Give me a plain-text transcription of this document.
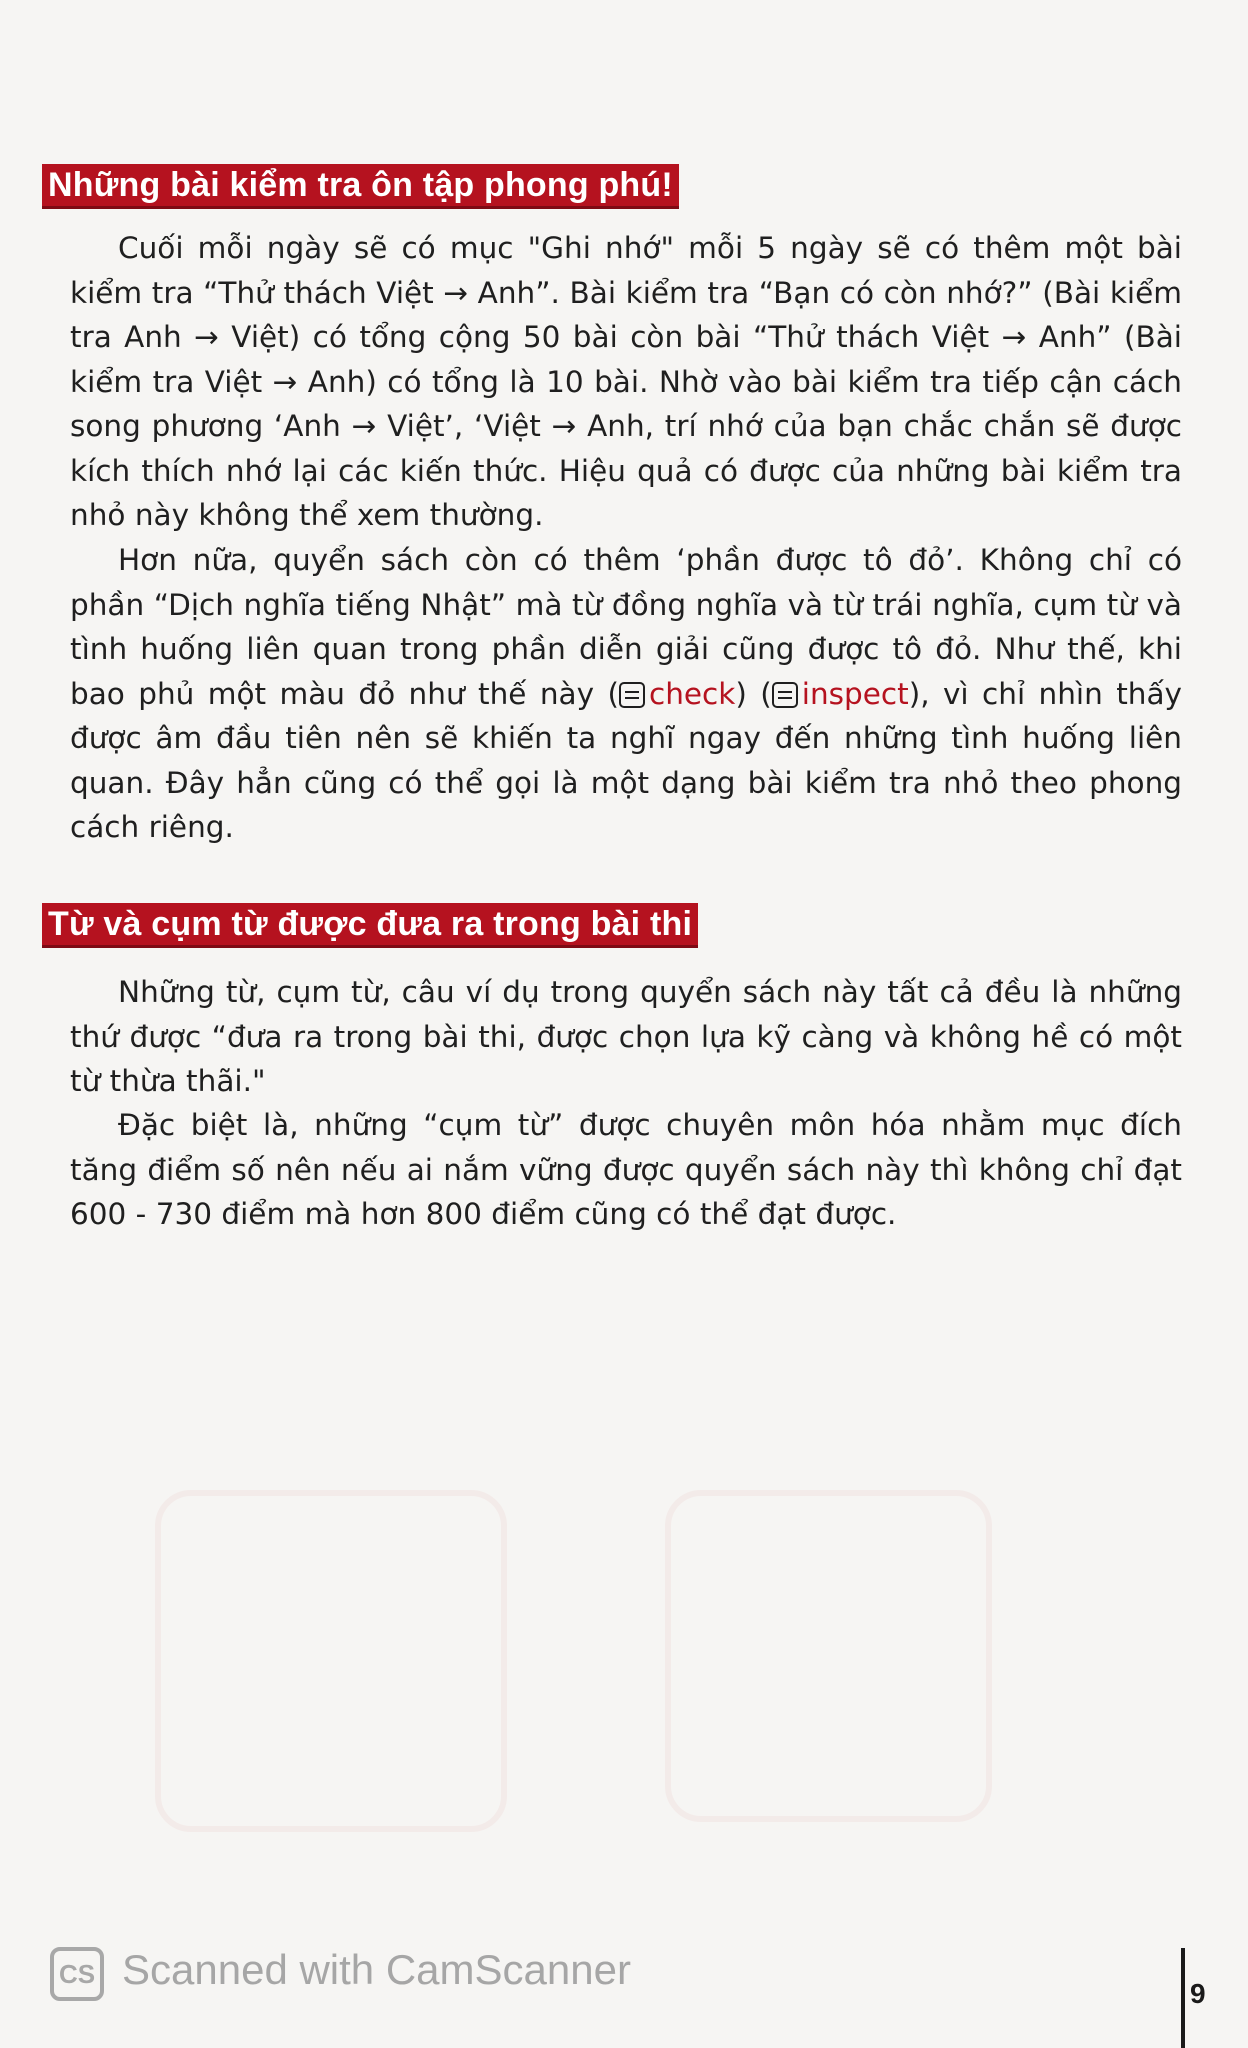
Những bài kiểm tra ôn tập phong phú!

Cuối mỗi ngày sẽ có mục "Ghi nhớ" mỗi 5 ngày sẽ có thêm một bài kiểm tra “Thử thách Việt → Anh”. Bài kiểm tra “Bạn có còn nhớ?” (Bài kiểm tra Anh → Việt) có tổng cộng 50 bài còn bài “Thử thách Việt → Anh” (Bài kiểm tra Việt → Anh) có tổng là 10 bài. Nhờ vào bài kiểm tra tiếp cận cách song phương ‘Anh → Việt’, ‘Việt → Anh, trí nhớ của bạn chắc chắn sẽ được kích thích nhớ lại các kiến thức. Hiệu quả có được của những bài kiểm tra nhỏ này không thể xem thường.

Hơn nữa, quyển sách còn có thêm ‘phần được tô đỏ’. Không chỉ có phần “Dịch nghĩa tiếng Nhật” mà từ đồng nghĩa và từ trái nghĩa, cụm từ và tình huống liên quan trong phần diễn giải cũng được tô đỏ. Như thế, khi bao phủ một màu đỏ như thế này ( check) ( inspect), vì chỉ nhìn thấy được âm đầu tiên nên sẽ khiến ta nghĩ ngay đến những tình huống liên quan. Đây hẳn cũng có thể gọi là một dạng bài kiểm tra nhỏ theo phong cách riêng.

Từ và cụm từ được đưa ra trong bài thi

Những từ, cụm từ, câu ví dụ trong quyển sách này tất cả đều là những thứ được “đưa ra trong bài thi, được chọn lựa kỹ càng và không hề có một từ thừa thãi."

Đặc biệt là, những “cụm từ” được chuyên môn hóa nhằm mục đích tăng điểm số nên nếu ai nắm vững được quyển sách này thì không chỉ đạt 600 - 730 điểm mà hơn 800 điểm cũng có thể đạt được.

CS Scanned with CamScanner
9
